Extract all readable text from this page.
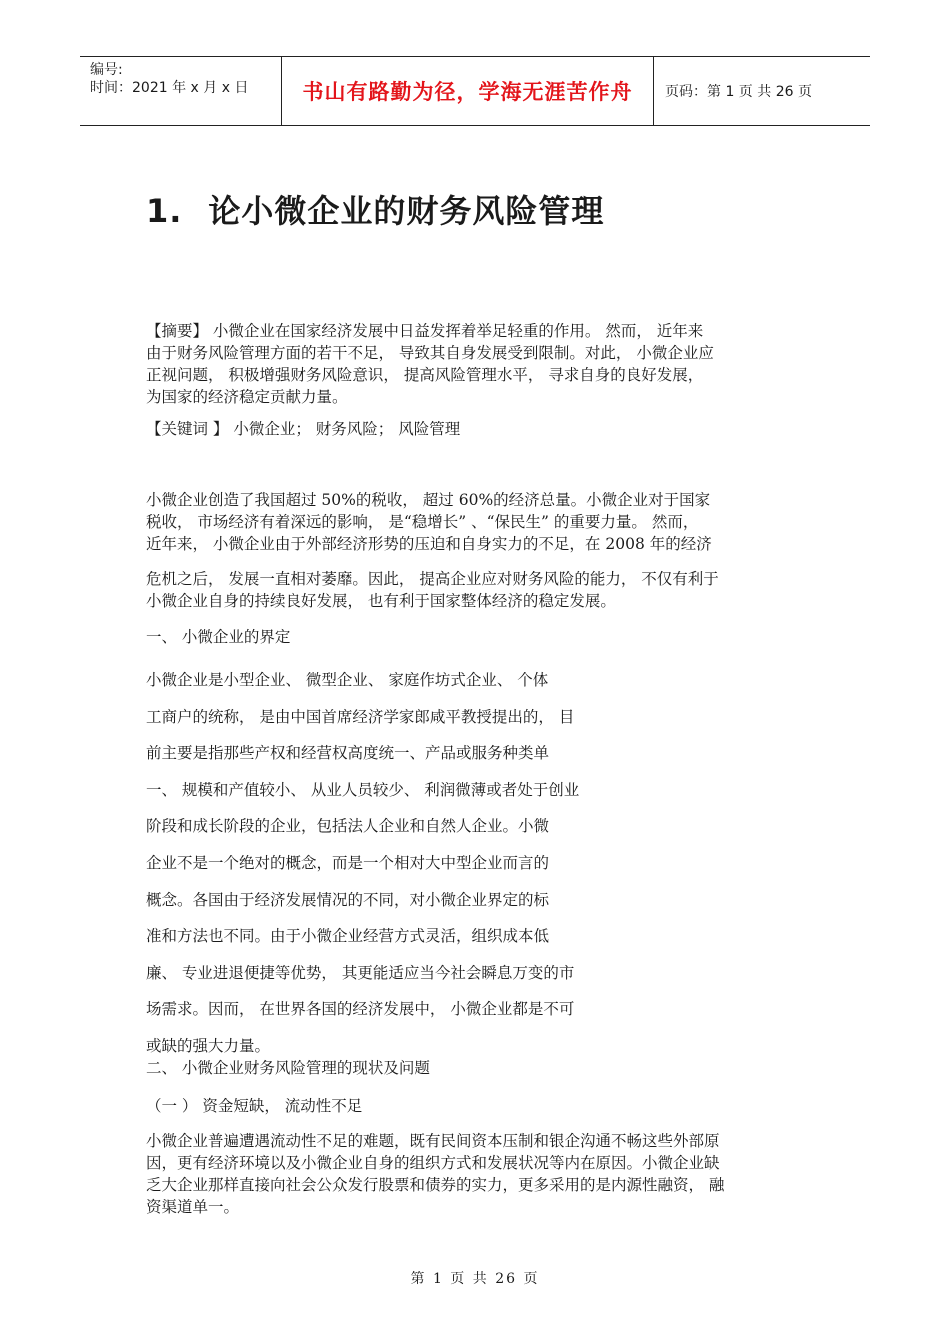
编号:
时间：2021 年 x 月 x 日	书山有路勤为径，学海无涯苦作舟	页码：第 1 页 共 26 页
1. 论小微企业的财务风险管理
【摘要】 小微企业在国家经济发展中日益发挥着举足轻重的作用。 然而， 近年来
由于财务风险管理方面的若干不足， 导致其自身发展受到限制。对此， 小微企业应
正视问题， 积极增强财务风险意识， 提高风险管理水平， 寻求自身的良好发展，
为国家的经济稳定贡献力量。
【关键词 】 小微企业； 财务风险； 风险管理
小微企业创造了我国超过 50%的税收， 超过 60%的经济总量。小微企业对于国家
税收， 市场经济有着深远的影响， 是“稳增长” 、“保民生” 的重要力量。 然而，
近年来， 小微企业由于外部经济形势的压迫和自身实力的不足，在 2008 年的经济
危机之后， 发展一直相对萎靡。因此， 提高企业应对财务风险的能力， 不仅有利于
小微企业自身的持续良好发展， 也有利于国家整体经济的稳定发展。
一、 小微企业的界定
小微企业是小型企业、 微型企业、 家庭作坊式企业、 个体
工商户的统称， 是由中国首席经济学家郎咸平教授提出的， 目
前主要是指那些产权和经营权高度统一、产品或服务种类单
一、 规模和产值较小、 从业人员较少、 利润微薄或者处于创业
阶段和成长阶段的企业，包括法人企业和自然人企业。小微
企业不是一个绝对的概念，而是一个相对大中型企业而言的
概念。各国由于经济发展情况的不同，对小微企业界定的标
准和方法也不同。由于小微企业经营方式灵活，组织成本低
廉、 专业进退便捷等优势， 其更能适应当今社会瞬息万变的市
场需求。因而， 在世界各国的经济发展中， 小微企业都是不可
或缺的强大力量。
二、 小微企业财务风险管理的现状及问题
（一 ） 资金短缺， 流动性不足
小微企业普遍遭遇流动性不足的难题，既有民间资本压制和银企沟通不畅这些外部原
因，更有经济环境以及小微企业自身的组织方式和发展状况等内在原因。小微企业缺
乏大企业那样直接向社会公众发行股票和债券的实力，更多采用的是内源性融资， 融
资渠道单一。
第 1 页 共 26 页
